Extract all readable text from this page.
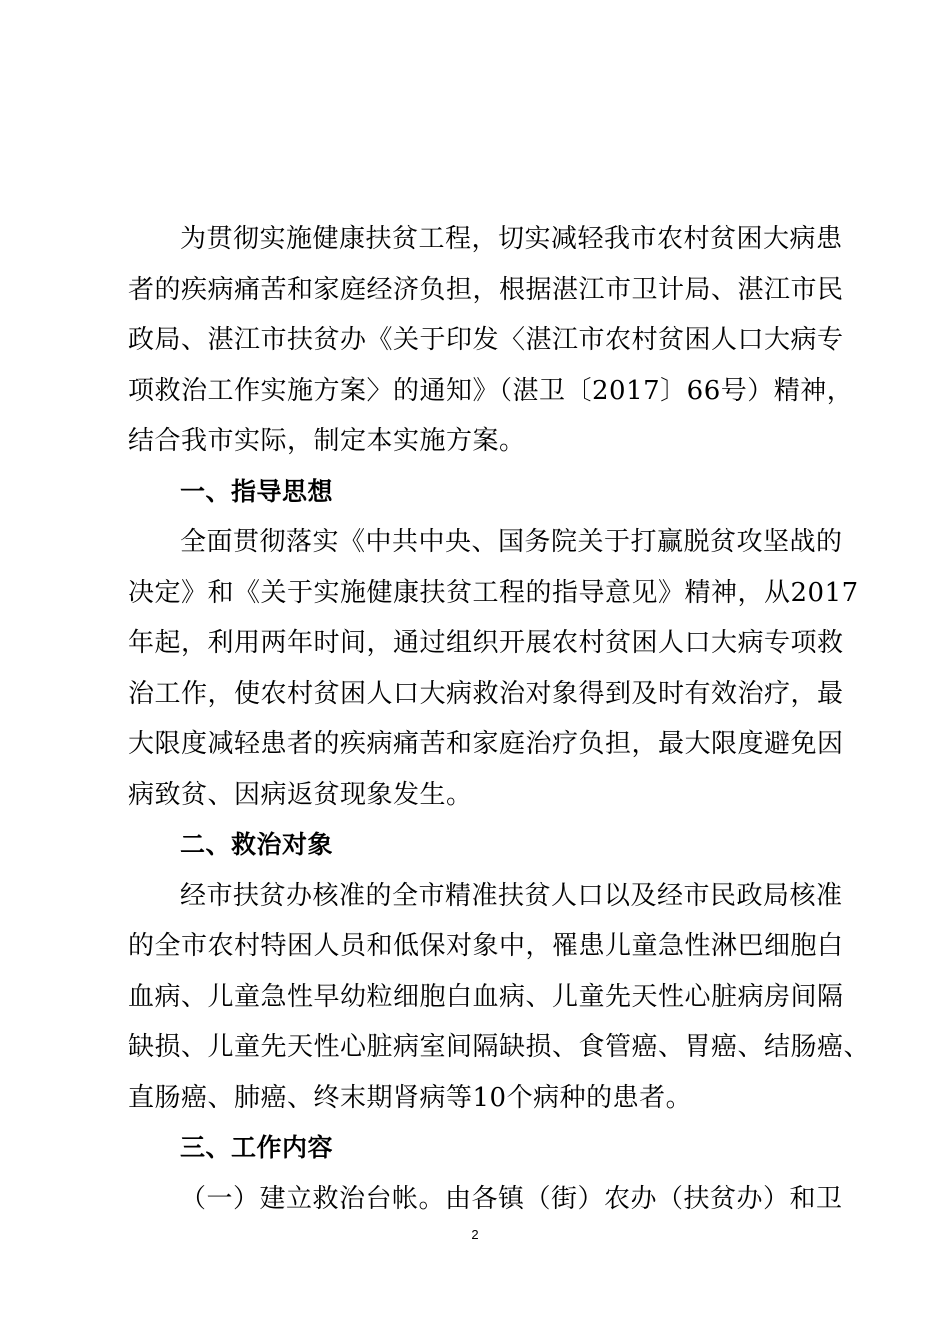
为贯彻实施健康扶贫工程，切实减轻我市农村贫困大病患
者的疾病痛苦和家庭经济负担，根据湛江市卫计局、湛江市民
政局、湛江市扶贫办《关于印发〈湛江市农村贫困人口大病专
项救治工作实施方案〉的通知》（湛卫〔2017〕66号）精神，
结合我市实际，制定本实施方案。
一、指导思想
全面贯彻落实《中共中央、国务院关于打赢脱贫攻坚战的
决定》和《关于实施健康扶贫工程的指导意见》精神，从2017
年起，利用两年时间，通过组织开展农村贫困人口大病专项救
治工作，使农村贫困人口大病救治对象得到及时有效治疗，最
大限度减轻患者的疾病痛苦和家庭治疗负担，最大限度避免因
病致贫、因病返贫现象发生。
二、救治对象
经市扶贫办核准的全市精准扶贫人口以及经市民政局核准
的全市农村特困人员和低保对象中，罹患儿童急性淋巴细胞白
血病、儿童急性早幼粒细胞白血病、儿童先天性心脏病房间隔
缺损、儿童先天性心脏病室间隔缺损、食管癌、胃癌、结肠癌、
直肠癌、肺癌、终末期肾病等10个病种的患者。
三、工作内容
（一）建立救治台帐。由各镇（街）农办（扶贫办）和卫
2
